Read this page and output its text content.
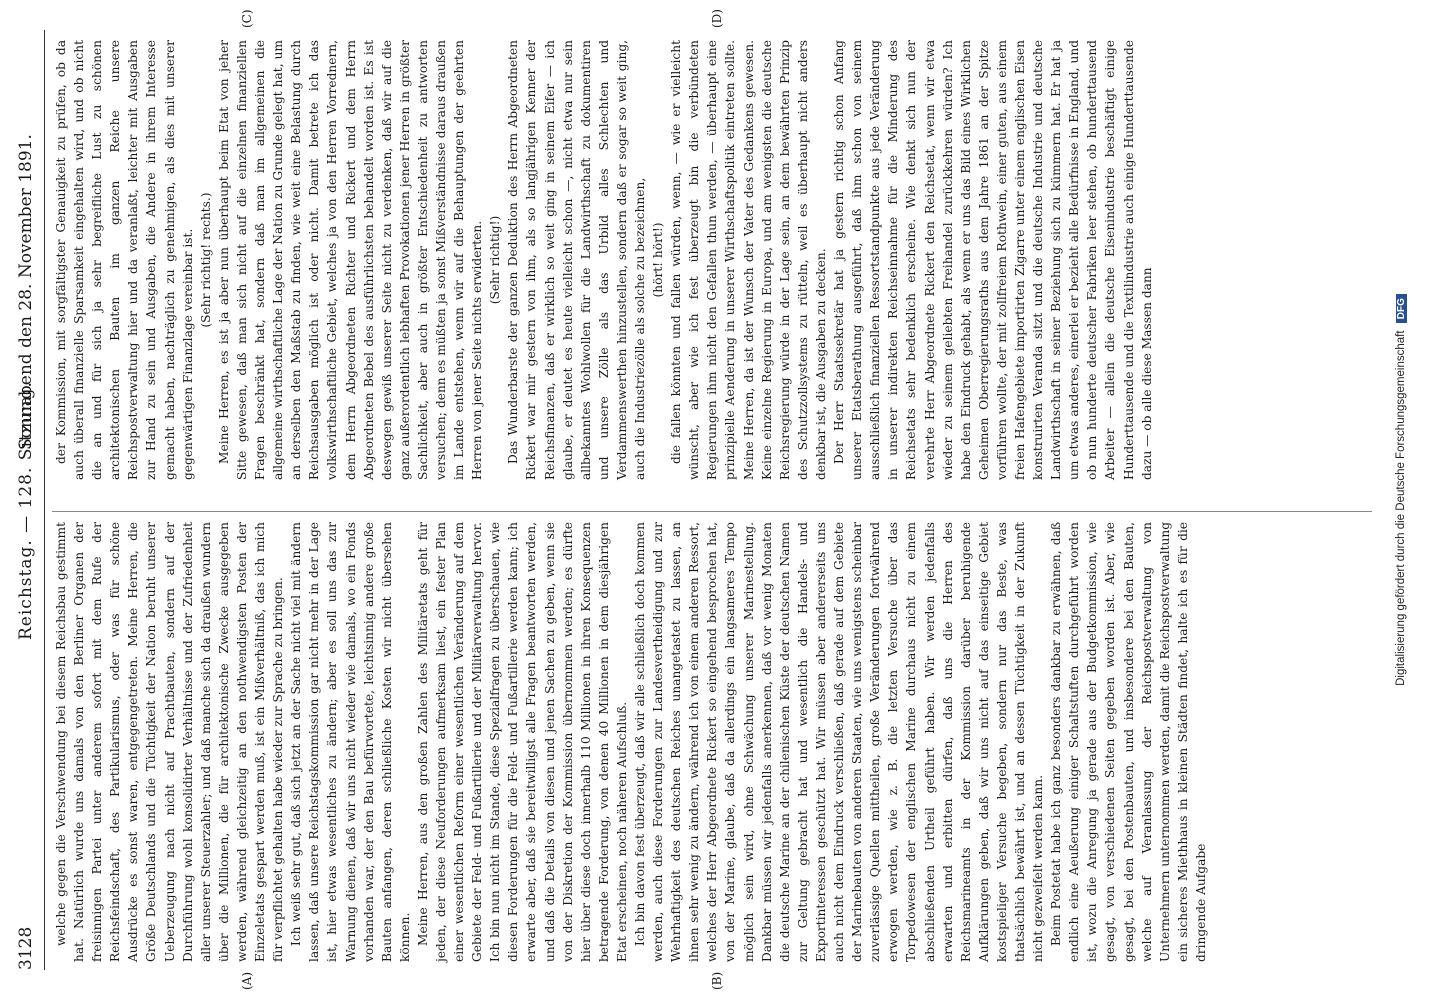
3128
Reichstag. — 128. Sitzung.
Sonnabend den 28. November 1891.
(A)	(B)
(C)	(D)

welche gegen die Verschwendung bei diesem Reichsbau gestimmt hat. Natürlich wurde uns damals von den Berliner Organen der freisinnigen Partei unter anderem sofort mit dem Rufe der Reichsfeindschaft, des Partikularismus, oder was für schöne Ausdrücke es sonst waren, entgegengetreten. Meine Herren, die Größe Deutschlands und die Tüchtigkeit der Nation beruht unserer Ueberzeugung nach nicht auf Prachtbauten, sondern auf der Durchführung wohl konsolidirter Verhältnisse und der Zufriedenheit aller unserer Steuerzahler; und daß manche sich da draußen wundern über die Millionen, die für architektonische Zwecke ausgegeben werden, während gleichzeitig an den nothwendigsten Posten der Einzeletats gespart werden muß, ist ein Mißverhältniß, das ich mich für verpflichtet gehalten habe wieder zur Sprache zu bringen. Ich weiß sehr gut, daß sich jetzt an der Sache nicht viel mit ändern lassen, daß unsere Reichstagskommission gar nicht mehr in der Lage ist, hier etwas wesentliches zu ändern; aber es soll uns das zur Warnung dienen, daß wir uns nicht wieder wie damals, wo ein Fonds vorhanden war, der den Bau befürwortete, leichtsinnig andere große Bauten anfangen, deren schließliche Kosten wir nicht übersehen können. Meine Herren, aus den großen Zahlen des Militäretats geht für jeden, der diese Neuforderungen aufmerksam liest, ein fester Plan einer wesentlichen Reform einer wesentlichen Veränderung auf dem Gebiete der Feld- und Fußartillerie und der Militärverwaltung hervor. Ich bin nun nicht im Stande, diese Spezialfragen zu überschauen, wie diesen Forderungen für die Feld- und Fußartillerie werden kann; ich erwarte aber, daß sie bereitwilligst alle Fragen beantworten werden, und daß die Details von diesen und jenen Sachen zu geben, wenn sie von der Diskretion der Kommission übernommen werden; es dürfte hier über diese doch innerhalb 110 Millionen in ihren Konsequenzen betragende Forderung, von denen 40 Millionen in dem diesjährigen Etat erscheinen, noch näheren Aufschluß. Ich bin davon fest überzeugt, daß wir alle schließlich doch kommen werden, auch diese Forderungen zur Landesvertheidigung und zur Wehrhaftigkeit des deutschen Reiches unangetastet zu lassen, an ihnen sehr wenig zu ändern, während ich von einem anderen Ressort, welches der Herr Abgeordnete Rickert so eingehend besprochen hat, von der Marine, glaube, daß da allerdings ein langsameres Tempo möglich sein wird, ohne Schwächung unserer Marinestellung. Dankbar müssen wir jedenfalls anerkennen, daß vor wenig Monaten die deutsche Marine an der chilenischen Küste der deutschen Namen zur Geltung gebracht hat und wesentlich die Handels- und Exportinteressen geschützt hat. Wir müssen aber andererseits uns auch nicht dem Eindruck verschließen, daß gerade auf dem Gebiete der Marinebauten von anderen Staaten, wie uns wenigstens scheinbar zuverlässige Quellen mittheilen, große Veränderungen fortwährend erwogen werden, wie z. B. die letzten Versuche über das Torpedowesen der englischen Marine durchaus nicht zu einem abschließenden Urtheil geführt haben. Wir werden jedenfalls erwarten und erbitten dürfen, daß uns die Herren des Reichsmarineamts in der Kommission darüber beruhigende Aufklärungen geben, daß wir uns nicht auf das einseitige Gebiet kostspieliger Versuche begeben, sondern nur das Beste, was thatsächlich bewährt ist, und an dessen Tüchtigkeit in der Zukunft nicht gezweifelt werden kann. Beim Postetat habe ich ganz besonders dankbar zu erwähnen, daß endlich eine Aeußerung einiger Schaltstuften durchgeführt worden ist, wozu die Anregung ja gerade aus der Budgetkommission, wie gesagt, von verschiedenen Seiten gegeben worden ist. Aber, wie gesagt, bei den Postenbauten, und insbesondere bei den Bauten, welche auf Veranlassung der Reichspostverwaltung von Unternehmern unternommen werden, damit die Reichspostverwaltung ein sicheres Miethhaus in kleinen Städten findet, halte ich es für die dringende Aufgabe

der Kommission, mit sorgfältigster Genauigkeit zu prüfen, ob da auch überall finanzielle Sparsamkeit eingehalten wird, und ob nicht die an und für sich ja sehr begreifliche Lust zu schönen architektonischen Bauten im ganzen Reiche unsere Reichspostverwaltung hier und da veranlaßt, leichter mit Ausgaben zur Hand zu sein und Ausgaben, die Andere in ihrem Interesse gemacht haben, nachträglich zu genehmigen, als dies mit unserer gegenwärtigen Finanzlage vereinbar ist. (Sehr richtig! rechts.) Meine Herren, es ist ja aber nun überhaupt beim Etat von jeher Sitte gewesen, daß man sich nicht auf die einzelnen finanziellen Fragen beschränkt hat, sondern daß man im allgemeinen die allgemeine wirthschaftliche Lage der Nation zu Grunde gelegt hat, um an derselben den Maßstab zu finden, wie weit eine Belastung durch Reichsausgaben möglich ist oder nicht. Damit betrete ich das volkswirthschaftliche Gebiet, welches ja von den Herren Vorrednern, dem Herrn Abgeordneten Richter und Rickert und dem Herrn Abgeordneten Bebel des ausführlichsten behandelt worden ist. Es ist deswegen gewiß unserer Seite nicht zu verdenken, daß wir auf die ganz außerordentlich lebhaften Provokationen jener Herren in größter Sachlichkeit, aber auch in größter Entschiedenheit zu antworten versuchen; denn es müßten ja sonst Mißverständnisse daraus draußen im Lande entstehen, wenn wir auf die Behauptungen der geehrten Herren von jener Seite nichts erwiderten. (Sehr richtig!) Das Wunderbarste der ganzen Deduktion des Herrn Abgeordneten Rickert war mir gestern von ihm, als so langjährigen Kenner der Reichsfinanzen, daß er wirklich so weit ging in seinem Eifer — ich glaube, er deutet es heute vielleicht schon —, nicht etwa nur sein allbekanntes Wohlwollen für die Landwirthschaft zu dokumentiren und unsere Zölle als das Urbild alles Schlechten und Verdammenswerthen hinzustellen, sondern daß er sogar so weit ging, auch die Industriezölle als solche zu bezeichnen, (hört! hört!) die fallen könnten und fallen würden, wenn, — wie er vielleicht wünscht, aber wie ich fest überzeugt bin die verbündeten Regierungen ihm nicht den Gefallen thun werden, — überhaupt eine prinzipielle Aenderung in unserer Wirthschaftspolitik eintreten sollte. Meine Herren, da ist der Wunsch der Vater des Gedankens gewesen. Keine einzelne Regierung in Europa, und am wenigsten die deutsche Reichsregierung würde in der Lage sein, an dem bewährten Prinzip des Schutzzollsystems zu rütteln, weil es überhaupt nicht anders denkbar ist, die Ausgaben zu decken. Der Herr Staatssekretär hat ja gestern richtig schon Anfang unserer Etatsberathung ausgeführt, daß ihm schon von seinem ausschließlich finanziellen Ressortstandpunkte aus jede Veränderung in unserer indirekten Reichseinnahme für die Minderung des Reichsetats sehr bedenklich erscheine. Wie denkt sich nun der verehrte Herr Abgeordnete Rickert den Reichsetat, wenn wir etwa wieder zu seinem geliebten Freihandel zurückkehren würden? Ich habe den Eindruck gehabt, als wenn er uns das Bild eines Wirklichen Geheimen Oberregierungsraths aus dem Jahre 1861 an der Spitze vorführen wollte, der mit zollfreiem Rothwein, einer guten, aus einem freien Hafengebiete importirten Zigarre unter einem englischen Eisen konstruirten Veranda sitzt und die deutsche Industrie und deutsche Landwirthschaft in seiner Beziehung sich zu kümmern hat. Er hat ja um etwas anderes, einerlei er bezieht alle Bedürfnisse in England, und ob nun hunderte deutscher Fabriken leer stehen, ob hunderttausend Arbeiter — allein die deutsche Eisenindustrie beschäftigt einige Hunderttausende und die Textilindustrie auch einige Hunderttausende dazu — ob alle diese Massen dann	Digitalisierung gefördert durch die Deutsche Forschungsgemeinschaft DFG
